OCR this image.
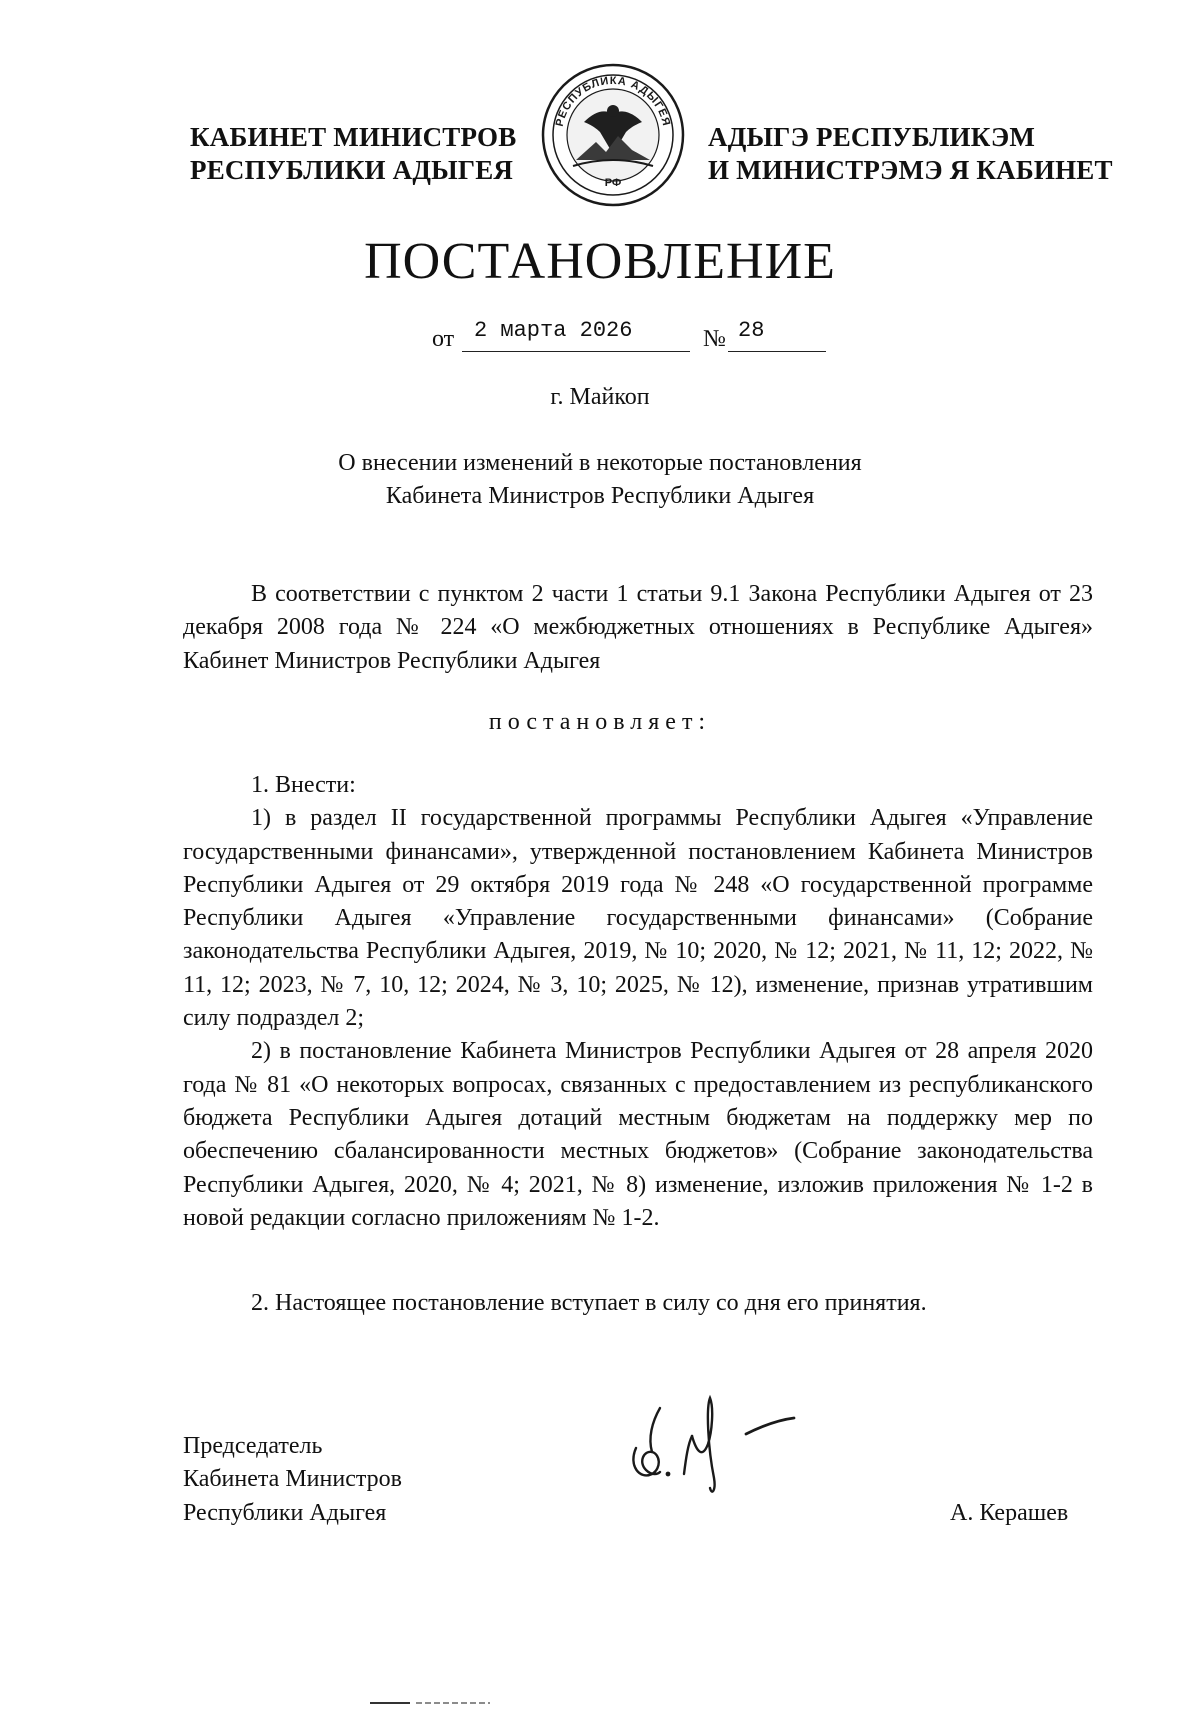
КАБИНЕТ МИНИСТРОВ
РЕСПУБЛИКИ АДЫГЕЯ
РЕСПУБЛИКА АДЫГЕЯ
РФ
АДЫГЭ РЕСПУБЛИКЭМ
И МИНИСТРЭМЭ Я КАБИНЕТ
ПОСТАНОВЛЕНИЕ
от 2 марта 2026	№ 28
г. Майкоп
О внесении изменений в некоторые постановления
Кабинета Министров Республики Адыгея

В соответствии с пунктом 2 части 1 статьи 9.1 Закона Республики Адыгея от 23 декабря 2008 года № 224 «О межбюджетных отношениях в Республике Адыгея» Кабинет Министров Республики Адыгея

постановляет:

1. Внести:

1) в раздел II государственной программы Республики Адыгея «Управление государственными финансами», утвержденной постановлением Кабинета Министров Республики Адыгея от 29 октября 2019 года № 248 «О государственной программе Республики Адыгея «Управление государственными финансами» (Собрание законодательства Республики Адыгея, 2019, № 10; 2020, № 12; 2021, № 11, 12; 2022, № 11, 12; 2023, № 7, 10, 12; 2024, № 3, 10; 2025, № 12), изменение, признав утратившим силу подраздел 2;

2) в постановление Кабинета Министров Республики Адыгея от 28 апреля 2020 года № 81 «О некоторых вопросах, связанных с предоставлением из республиканского бюджета Республики Адыгея дотаций местным бюджетам на поддержку мер по обеспечению сбалансированности местных бюджетов» (Собрание законодательства Республики Адыгея, 2020, № 4; 2021, № 8) изменение, изложив приложения № 1-2 в новой редакции согласно приложениям № 1-2.

2. Настоящее постановление вступает в силу со дня его принятия.

Председатель
Кабинета Министров
Республики Адыгея	А. Керашев
